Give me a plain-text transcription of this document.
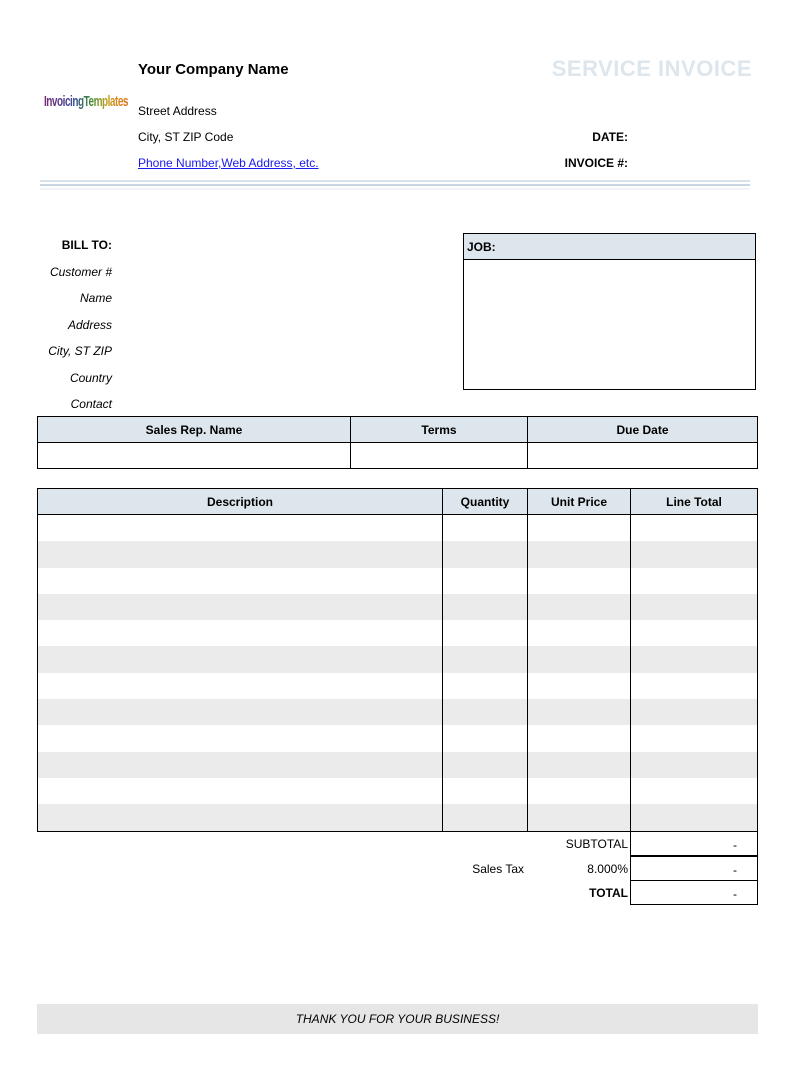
InvoicingTempla
Your Company Name
Street Address
City, ST ZIP Code
Phone Number,Web Address, etc.
SERVICE INVOICE
DATE:
INVOICE #:
BILL TO:
Customer #
Name
Address
City, ST ZIP
Country
Contact
JOB:
Sales Rep. Name	Terms	Due Date

Description	Quantity	Unit Price	Line Total

SUBTOTAL	-
Sales Tax	8.000%	-
TOTAL	-
THANK YOU FOR YOUR BUSINESS!
